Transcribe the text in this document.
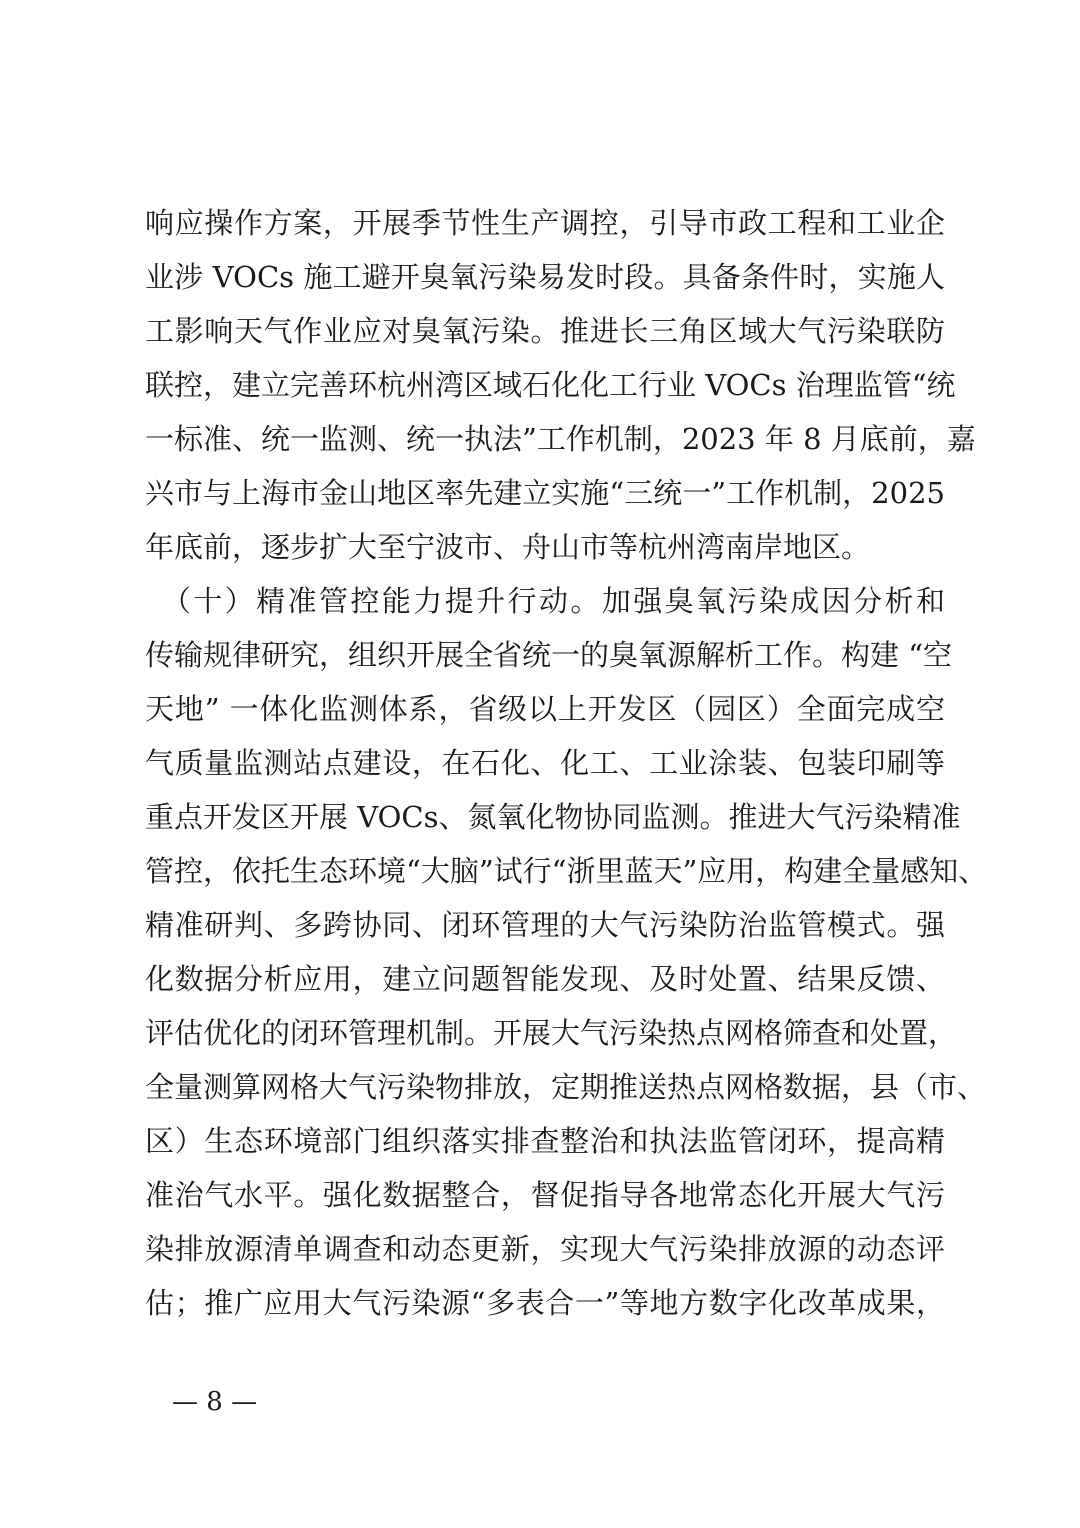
响应操作方案，开展季节性生产调控，引导市政工程和工业企
业涉 VOCs 施工避开臭氧污染易发时段。具备条件时，实施人
工影响天气作业应对臭氧污染。推进长三角区域大气污染联防
联控，建立完善环杭州湾区域石化化工行业 VOCs 治理监管“统
一标准、统一监测、统一执法”工作机制，2023 年 8 月底前，嘉
兴市与上海市金山地区率先建立实施“三统一”工作机制，2025
年底前，逐步扩大至宁波市、舟山市等杭州湾南岸地区。
　（十）精准管控能力提升行动。加强臭氧污染成因分析和
传输规律研究，组织开展全省统一的臭氧源解析工作。构建 “空
天地” 一体化监测体系，省级以上开发区（园区）全面完成空
气质量监测站点建设，在石化、化工、工业涂装、包装印刷等
重点开发区开展 VOCs、氮氧化物协同监测。推进大气污染精准
管控，依托生态环境“大脑”试行“浙里蓝天”应用，构建全量感知、
精准研判、多跨协同、闭环管理的大气污染防治监管模式。强
化数据分析应用，建立问题智能发现、及时处置、结果反馈、
评估优化的闭环管理机制。开展大气污染热点网格筛查和处置，
全量测算网格大气污染物排放，定期推送热点网格数据，县（市、
区）生态环境部门组织落实排查整治和执法监管闭环，提高精
准治气水平。强化数据整合，督促指导各地常态化开展大气污
染排放源清单调查和动态更新，实现大气污染排放源的动态评
估；推广应用大气污染源“多表合一”等地方数字化改革成果，
— 8 —
